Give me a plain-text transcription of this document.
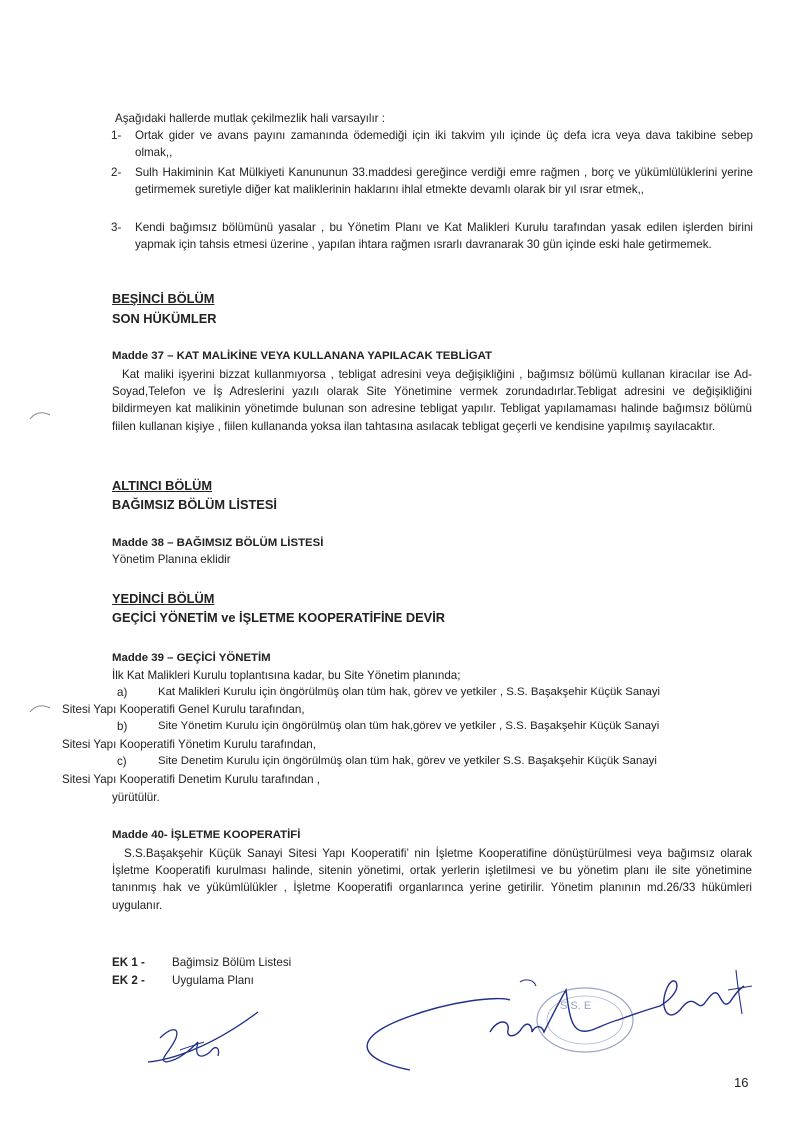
Aşağıdaki hallerde mutlak çekilmezlik hali varsayılır :
1- Ortak gider ve avans payını zamanında ödemediği için iki takvim yılı içinde üç defa icra veya dava takibine sebep olmak,,
2- Sulh Hakiminin Kat Mülkiyeti Kanununun 33.maddesi gereğince verdiği emre rağmen , borç ve yükümlülüklerini yerine getirmemek suretiyle diğer kat maliklerinin haklarını ihlal etmekte devamlı olarak bir yıl ısrar etmek,,
3- Kendi bağımsız bölümünü yasalar , bu Yönetim Planı ve Kat Malikleri Kurulu tarafından yasak edilen işlerden birini yapmak için tahsis etmesi üzerine , yapılan ihtara rağmen ısrarlı davranarak 30 gün içinde eski hale getirmemek.
BEŞİNCİ BÖLÜM
SON HÜKÜMLER
Madde 37 – KAT MALİKİNE VEYA KULLANANA YAPILACAK TEBLİGAT
Kat maliki işyerini bizzat kullanmıyorsa , tebligat adresini veya değişikliğini , bağımsız bölümü kullanan kiracılar ise Ad-Soyad,Telefon ve İş Adreslerini yazılı olarak Site Yönetimine vermek zorundadırlar.Tebligat adresini ve değişikliğini bildirmeyen kat malikinin yönetimde bulunan son adresine tebligat yapılır. Tebligat yapılamaması halinde bağımsız bölümü fiilen kullanan kişiye , fiilen kullananda yoksa ilan tahtasına asılacak tebligat geçerli ve kendisine yapılmış sayılacaktır.
ALTINCI BÖLÜM
BAĞIMSIZ BÖLÜM LİSTESİ
Madde 38 – BAĞIMSIZ BÖLÜM LİSTESİ
Yönetim Planına eklidir
YEDİNCİ BÖLÜM
GEÇİCİ YÖNETİM ve İŞLETME KOOPERATİFİNE DEVİR
Madde 39 – GEÇİCİ YÖNETİM
İlk Kat Malikleri Kurulu toplantısına kadar, bu Site Yönetim planında;
a)	Kat Malikleri Kurulu için öngörülmüş olan tüm hak, görev ve yetkiler , S.S. Başakşehir Küçük Sanayi
Sitesi Yapı Kooperatifi Genel Kurulu tarafından,
b)	Site Yönetim Kurulu için öngörülmüş olan tüm hak,görev ve yetkiler , S.S. Başakşehir Küçük Sanayi
Sitesi Yapı Kooperatifi Yönetim Kurulu tarafından,
c)	Site Denetim Kurulu için öngörülmüş olan tüm hak, görev ve yetkiler S.S. Başakşehir Küçük Sanayi
Sitesi Yapı Kooperatifi Denetim Kurulu tarafından ,
yürütülür.
Madde 40- İŞLETME KOOPERATİFİ
S.S.Başakşehir Küçük Sanayi Sitesi Yapı Kooperatifi’ nin İşletme Kooperatifine dönüştürülmesi veya bağımsız olarak İşletme Kooperatifi kurulması halinde, sitenin yönetimi, ortak yerlerin işletilmesi ve bu yönetim planı ile site yönetimine tanınmış hak ve yükümlülükler , İşletme Kooperatifi organlarınca yerine getirilir. Yönetim planının md.26/33 hükümleri uygulanır.
EK 1 - Bağimsiz Bölüm Listesi
EK 2 - Uygulama Planı
S.S. E
16
